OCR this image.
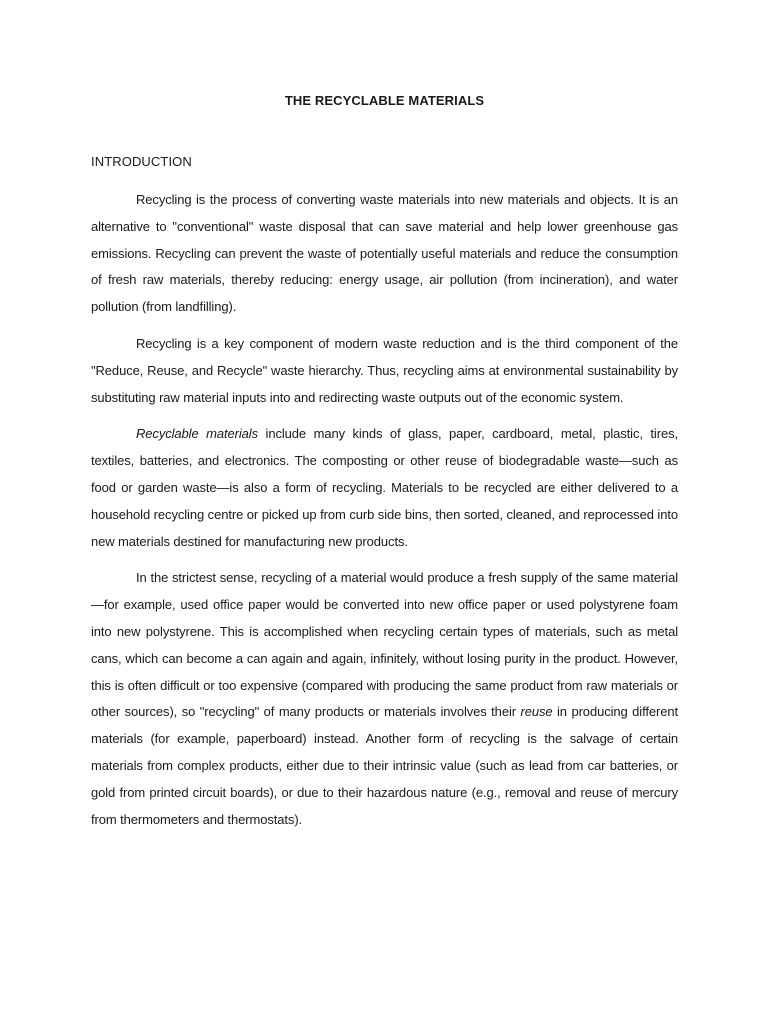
THE RECYCLABLE MATERIALS
INTRODUCTION

Recycling is the process of converting waste materials into new materials and objects. It is an alternative to "conventional" waste disposal that can save material and help lower greenhouse gas emissions. Recycling can prevent the waste of potentially useful materials and reduce the consumption of fresh raw materials, thereby reducing: energy usage, air pollution (from incineration), and water pollution (from landfilling).

Recycling is a key component of modern waste reduction and is the third component of the "Reduce, Reuse, and Recycle" waste hierarchy. Thus, recycling aims at environmental sustainability by substituting raw material inputs into and redirecting waste outputs out of the economic system.

Recyclable materials include many kinds of glass, paper, cardboard, metal, plastic, tires, textiles, batteries, and electronics. The composting or other reuse of biodegradable waste—such as food or garden waste—is also a form of recycling. Materials to be recycled are either delivered to a household recycling centre or picked up from curb side bins, then sorted, cleaned, and reprocessed into new materials destined for manufacturing new products.

In the strictest sense, recycling of a material would produce a fresh supply of the same material—for example, used office paper would be converted into new office paper or used polystyrene foam into new polystyrene. This is accomplished when recycling certain types of materials, such as metal cans, which can become a can again and again, infinitely, without losing purity in the product. However, this is often difficult or too expensive (compared with producing the same product from raw materials or other sources), so "recycling" of many products or materials involves their reuse in producing different materials (for example, paperboard) instead. Another form of recycling is the salvage of certain materials from complex products, either due to their intrinsic value (such as lead from car batteries, or gold from printed circuit boards), or due to their hazardous nature (e.g., removal and reuse of mercury from thermometers and thermostats).
